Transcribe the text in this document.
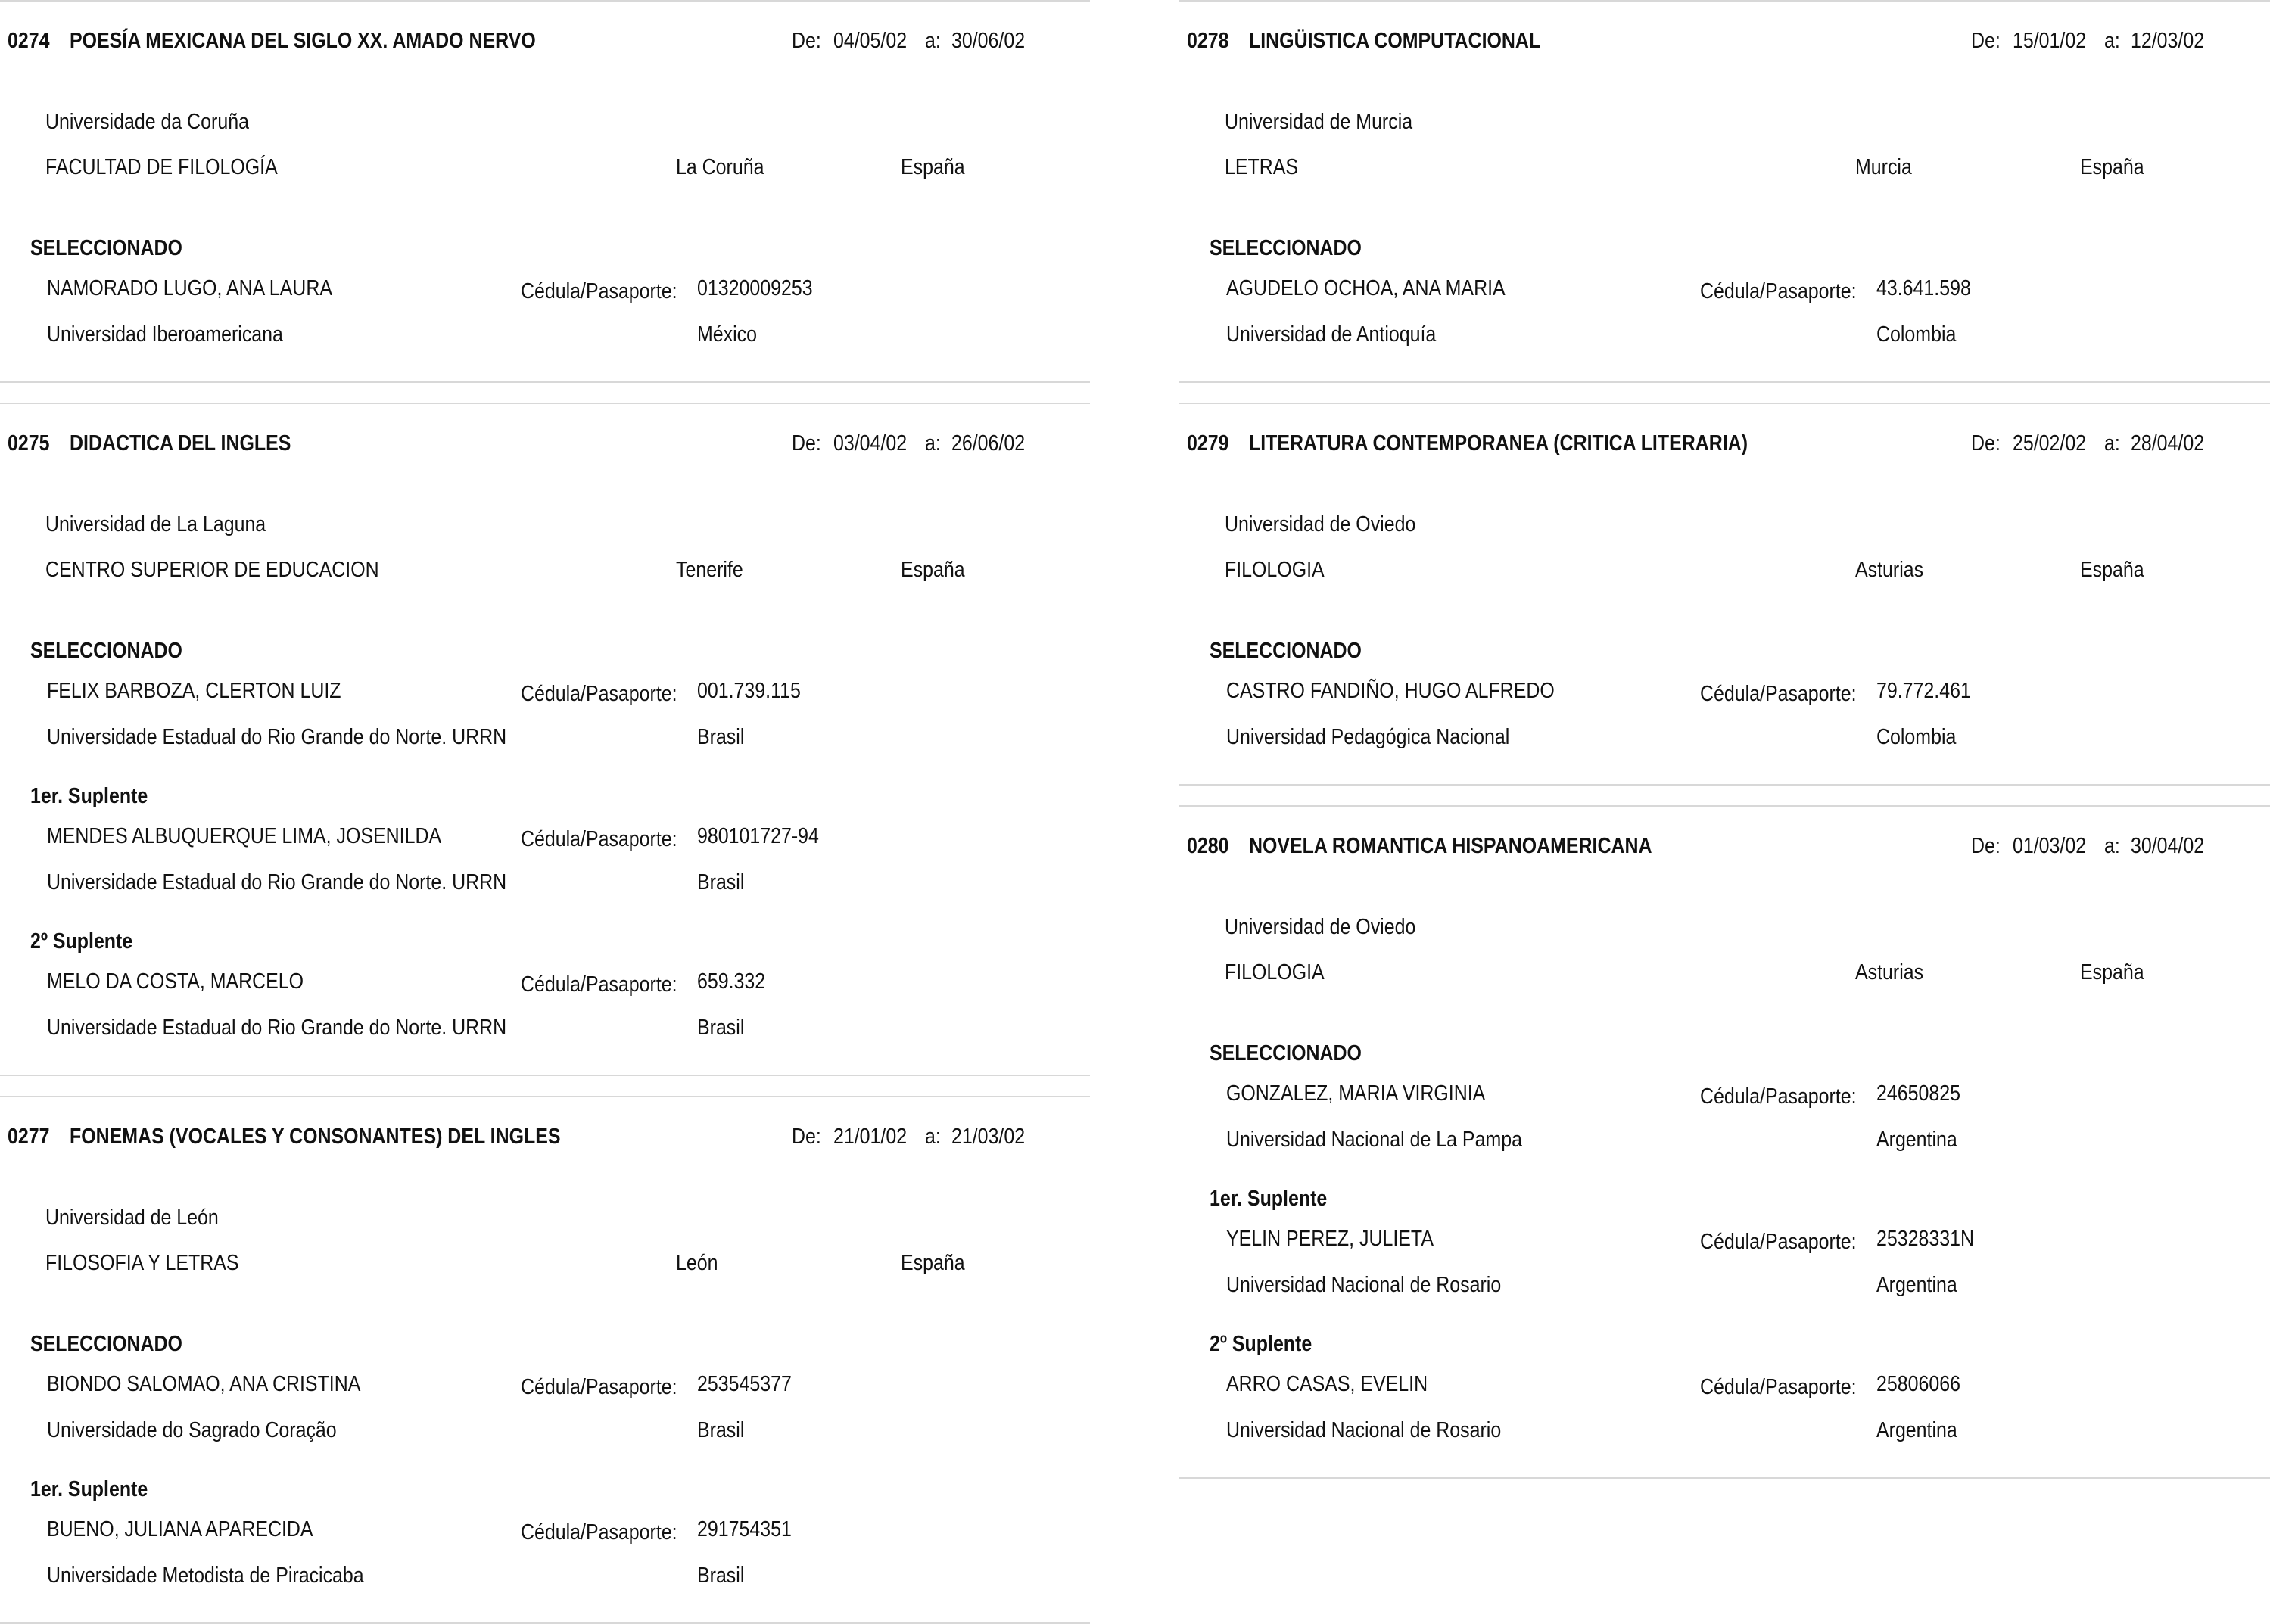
0274 POESÍA MEXICANA DEL SIGLO XX. AMADO NERVO	De: 04/05/02 a: 30/06/02
Universidade da Coruña
FACULTAD DE FILOLOGÍA	La Coruña	España
SELECCIONADO
NAMORADO LUGO, ANA LAURA	Cédula/Pasaporte: 01320009253
Universidad Iberoamericana	México
0275 DIDACTICA DEL INGLES	De: 03/04/02 a: 26/06/02
Universidad de La Laguna
CENTRO SUPERIOR DE EDUCACION	Tenerife	España
SELECCIONADO
FELIX BARBOZA, CLERTON LUIZ	Cédula/Pasaporte: 001.739.115
Universidade Estadual do Rio Grande do Norte. URRN	Brasil
1er. Suplente
MENDES ALBUQUERQUE LIMA, JOSENILDA	Cédula/Pasaporte: 980101727-94
Universidade Estadual do Rio Grande do Norte. URRN	Brasil
2º Suplente
MELO DA COSTA, MARCELO	Cédula/Pasaporte: 659.332
Universidade Estadual do Rio Grande do Norte. URRN	Brasil
0277 FONEMAS (VOCALES Y CONSONANTES) DEL INGLES	De: 21/01/02 a: 21/03/02
Universidad de León
FILOSOFIA Y LETRAS	León	España
SELECCIONADO
BIONDO SALOMAO, ANA CRISTINA	Cédula/Pasaporte: 253545377
Universidade do Sagrado Coração	Brasil
1er. Suplente
BUENO, JULIANA APARECIDA	Cédula/Pasaporte: 291754351
Universidade Metodista de Piracicaba	Brasil
0278 LINGÜISTICA COMPUTACIONAL	De: 15/01/02 a: 12/03/02
Universidad de Murcia
LETRAS	Murcia	España
SELECCIONADO
AGUDELO OCHOA, ANA MARIA	Cédula/Pasaporte: 43.641.598
Universidad de Antioquía	Colombia
0279 LITERATURA CONTEMPORANEA (CRITICA LITERARIA)	De: 25/02/02 a: 28/04/02
Universidad de Oviedo
FILOLOGIA	Asturias	España
SELECCIONADO
CASTRO FANDIÑO, HUGO ALFREDO	Cédula/Pasaporte: 79.772.461
Universidad Pedagógica Nacional	Colombia
0280 NOVELA ROMANTICA HISPANOAMERICANA	De: 01/03/02 a: 30/04/02
Universidad de Oviedo
FILOLOGIA	Asturias	España
SELECCIONADO
GONZALEZ, MARIA VIRGINIA	Cédula/Pasaporte: 24650825
Universidad Nacional de La Pampa	Argentina
1er. Suplente
YELIN PEREZ, JULIETA	Cédula/Pasaporte: 25328331N
Universidad Nacional de Rosario	Argentina
2º Suplente
ARRO CASAS, EVELIN	Cédula/Pasaporte: 25806066
Universidad Nacional de Rosario	Argentina
